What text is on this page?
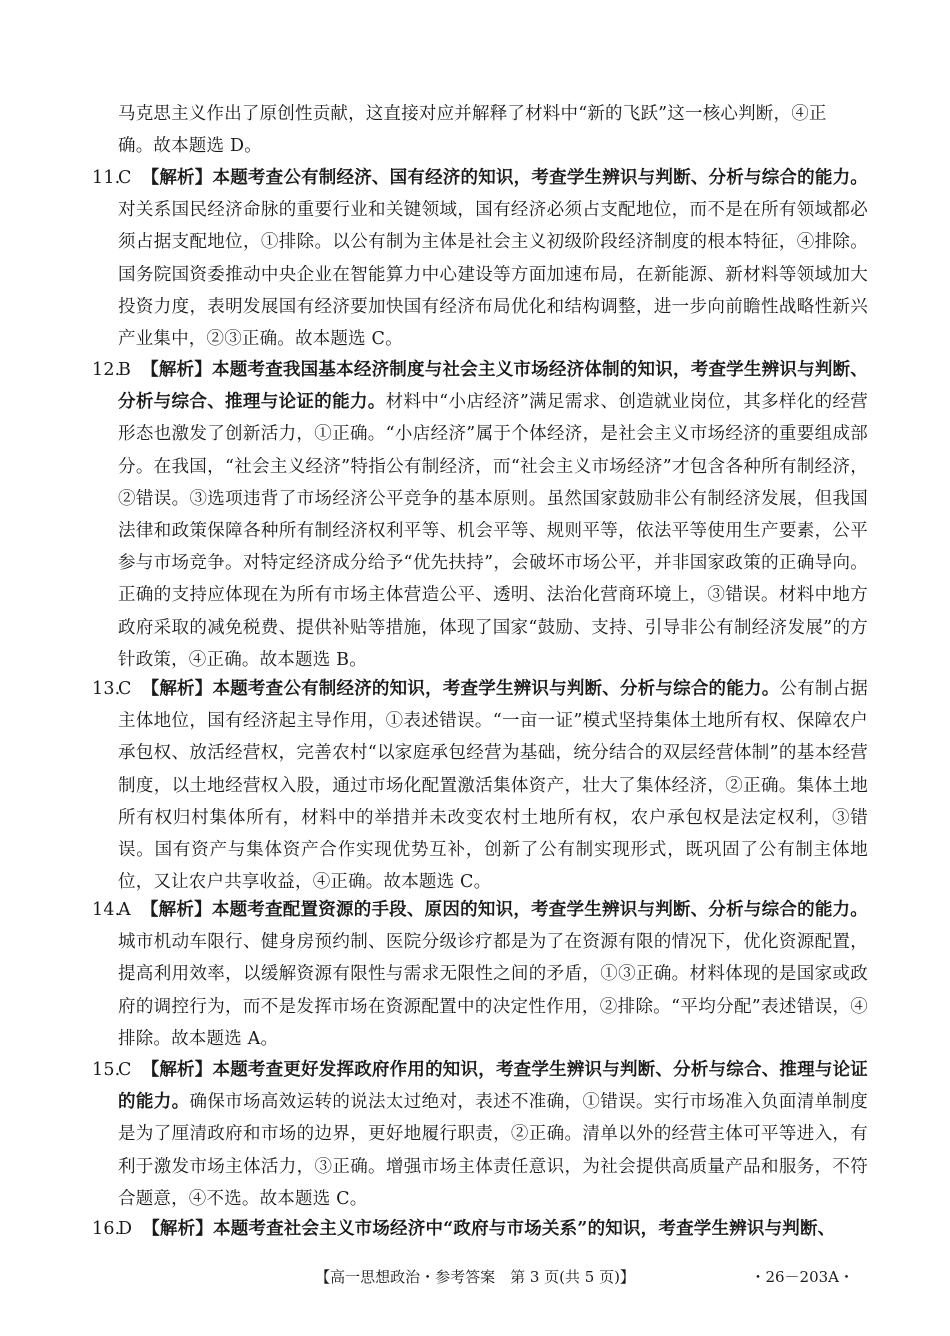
马克思主义作出了原创性贡献，这直接对应并解释了材料中“新的飞跃”这一核心判断，④正
确。故本题选 D。
11.
C 【解析】本题考查公有制经济、国有经济的知识，考查学生辨识与判断、分析与综合的能力。对关系国民经济命脉的重要行业和关键领域，国有经济必须占支配地位，而不是在所有领域都必须占据支配地位，①排除。以公有制为主体是社会主义初级阶段经济制度的根本特征，④排除。国务院国资委推动中央企业在智能算力中心建设等方面加速布局，在新能源、新材料等领域加大投资力度，表明发展国有经济要加快国有经济布局优化和结构调整，进一步向前瞻性战略性新兴产业集中，②③正确。故本题选 C。
12.
B 【解析】本题考查我国基本经济制度与社会主义市场经济体制的知识，考查学生辨识与判断、分析与综合、推理与论证的能力。材料中“小店经济”满足需求、创造就业岗位，其多样化的经营形态也激发了创新活力，①正确。“小店经济”属于个体经济，是社会主义市场经济的重要组成部分。在我国，“社会主义经济”特指公有制经济，而“社会主义市场经济”才包含各种所有制经济，②错误。③选项违背了市场经济公平竞争的基本原则。虽然国家鼓励非公有制经济发展，但我国法律和政策保障各种所有制经济权利平等、机会平等、规则平等，依法平等使用生产要素，公平参与市场竞争。对特定经济成分给予“优先扶持”，会破坏市场公平，并非国家政策的正确导向。正确的支持应体现在为所有市场主体营造公平、透明、法治化营商环境上，③错误。材料中地方政府采取的减免税费、提供补贴等措施，体现了国家“鼓励、支持、引导非公有制经济发展”的方针政策，④正确。故本题选 B。
13.
C 【解析】本题考查公有制经济的知识，考查学生辨识与判断、分析与综合的能力。公有制占据主体地位，国有经济起主导作用，①表述错误。“一亩一证”模式坚持集体土地所有权、保障农户承包权、放活经营权，完善农村“以家庭承包经营为基础，统分结合的双层经营体制”的基本经营制度，以土地经营权入股，通过市场化配置激活集体资产，壮大了集体经济，②正确。集体土地所有权归村集体所有，材料中的举措并未改变农村土地所有权，农户承包权是法定权利，③错误。国有资产与集体资产合作实现优势互补，创新了公有制实现形式，既巩固了公有制主体地位，又让农户共享收益，④正确。故本题选 C。
14.
A 【解析】本题考查配置资源的手段、原因的知识，考查学生辨识与判断、分析与综合的能力。城市机动车限行、健身房预约制、医院分级诊疗都是为了在资源有限的情况下，优化资源配置，提高利用效率，以缓解资源有限性与需求无限性之间的矛盾，①③正确。材料体现的是国家或政府的调控行为，而不是发挥市场在资源配置中的决定性作用，②排除。“平均分配”表述错误，④排除。故本题选 A。
15.
C 【解析】本题考查更好发挥政府作用的知识，考查学生辨识与判断、分析与综合、推理与论证的能力。确保市场高效运转的说法太过绝对，表述不准确，①错误。实行市场准入负面清单制度是为了厘清政府和市场的边界，更好地履行职责，②正确。清单以外的经营主体可平等进入，有利于激发市场主体活力，③正确。增强市场主体责任意识，为社会提供高质量产品和服务，不符合题意，④不选。故本题选 C。
16.
D 【解析】本题考查社会主义市场经济中“政府与市场关系”的知识，考查学生辨识与判断、
【高一思想政治・参考答案　第 3 页(共 5 页)】	・26－203A・
